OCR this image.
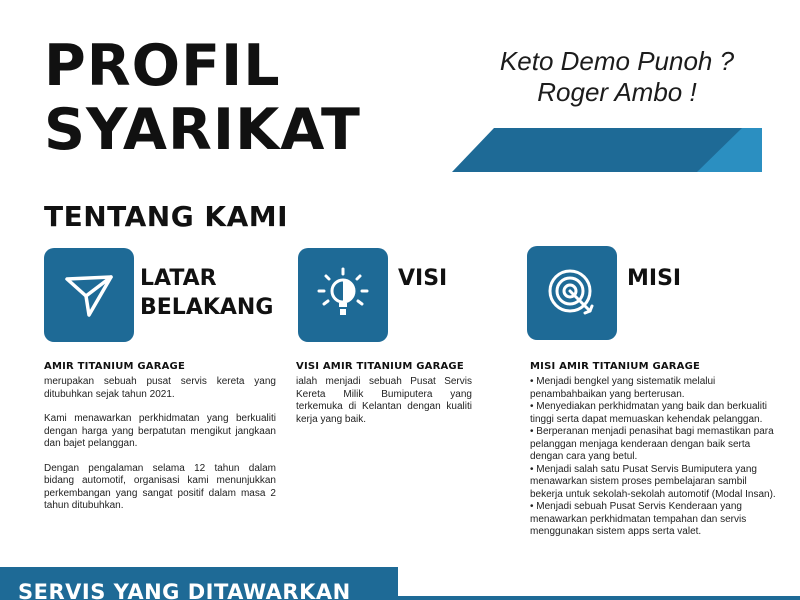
PROFIL
SYARIKAT
Keto Demo Punoh ?
Roger Ambo !
TENTANG KAMI
LATAR
BELAKANG
AMIR TITANIUM GARAGE

merupakan sebuah pusat servis kereta yang ditubuhkan sejak tahun 2021.

Kami menawarkan perkhidmatan yang berkualiti dengan harga yang berpatutan mengikut jangkaan dan bajet pelanggan.

Dengan pengalaman selama 12 tahun dalam bidang automotif, organisasi kami menunjukkan perkembangan yang sangat positif dalam masa 2 tahun ditubuhkan.

VISI
VISI AMIR TITANIUM GARAGE

ialah menjadi sebuah Pusat Servis Kereta Milik Bumiputera yang terkemuka di Kelantan dengan kualiti kerja yang baik.

MISI
MISI AMIR TITANIUM GARAGE
• Menjadi bengkel yang sistematik melalui penambahbaikan yang berterusan.
• Menyediakan perkhidmatan yang baik dan berkualiti tinggi serta dapat memuaskan kehendak pelanggan.
• Berperanan menjadi penasihat bagi memastikan para pelanggan menjaga kenderaan dengan baik serta dengan cara yang betul.
• Menjadi salah satu Pusat Servis Bumiputera yang menawarkan sistem proses pembelajaran sambil bekerja untuk sekolah-sekolah automotif (Modal Insan).
• Menjadi sebuah Pusat Servis Kenderaan yang menawarkan perkhidmatan tempahan dan servis menggunakan sistem apps serta valet.
SERVIS YANG DITAWARKAN
